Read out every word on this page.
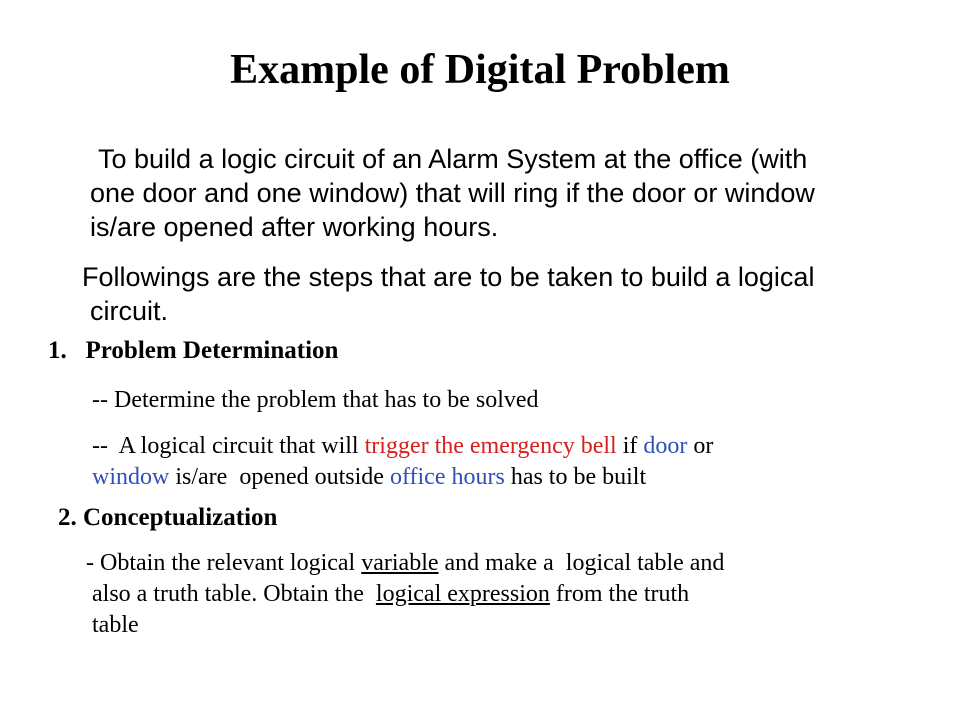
Example of Digital Problem
To build a logic circuit of an Alarm System at the office (with
one door and one window) that will ring if the door or window
is/are opened after working hours.
Followings are the steps that are to be taken to build a logical
circuit.
1.   Problem Determination
-- Determine the problem that has to be solved
--  A logical circuit that will trigger the emergency bell if door or
window is/are  opened outside office hours has to be built
2. Conceptualization
- Obtain the relevant logical variable and make a  logical table and
also a truth table. Obtain the  logical expression from the truth
table
